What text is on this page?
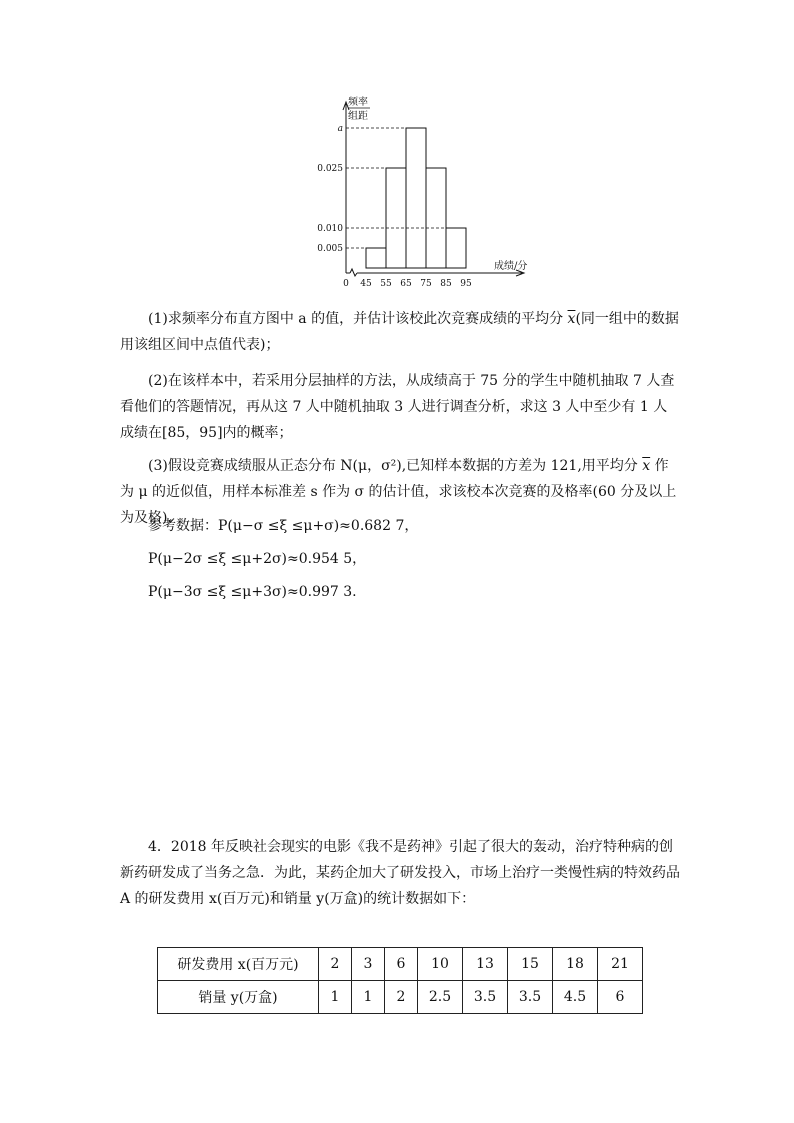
频率
组距
a
0.025
0.010
0.005
0 45 55 65 75 85 95
成绩/分

(1)求频率分布直方图中 a 的值，并估计该校此次竞赛成绩的平均分 $\overline{x}$(同一组中的数据用该组区间中点值代表)；

(2)在该样本中，若采用分层抽样的方法，从成绩高于 75 分的学生中随机抽取 7 人查看他们的答题情况，再从这 7 人中随机抽取 3 人进行调查分析，求这 3 人中至少有 1 人成绩在[85，95]内的概率；

(3)假设竞赛成绩服从正态分布 N(μ，σ²),已知样本数据的方差为 121,用平均分 $\overline{x}$ 作为 μ 的近似值，用样本标准差 s 作为 σ 的估计值，求该校本次竞赛的及格率(60 分及以上为及格).

参考数据：P(μ−σ ≤ξ ≤μ+σ)≈0.682 7，

P(μ−2σ ≤ξ ≤μ+2σ)≈0.954 5，

P(μ−3σ ≤ξ ≤μ+3σ)≈0.997 3.

4．2018 年反映社会现实的电影《我不是药神》引起了很大的轰动，治疗特种病的创新药研发成了当务之急．为此，某药企加大了研发投入，市场上治疗一类慢性病的特效药品 A 的研发费用 x(百万元)和销量 y(万盒)的统计数据如下：

研发费用 x(百万元)	2	3	6	10	13	15	18	21
销量 y(万盒)	1	1	2	2.5	3.5	3.5	4.5	6
